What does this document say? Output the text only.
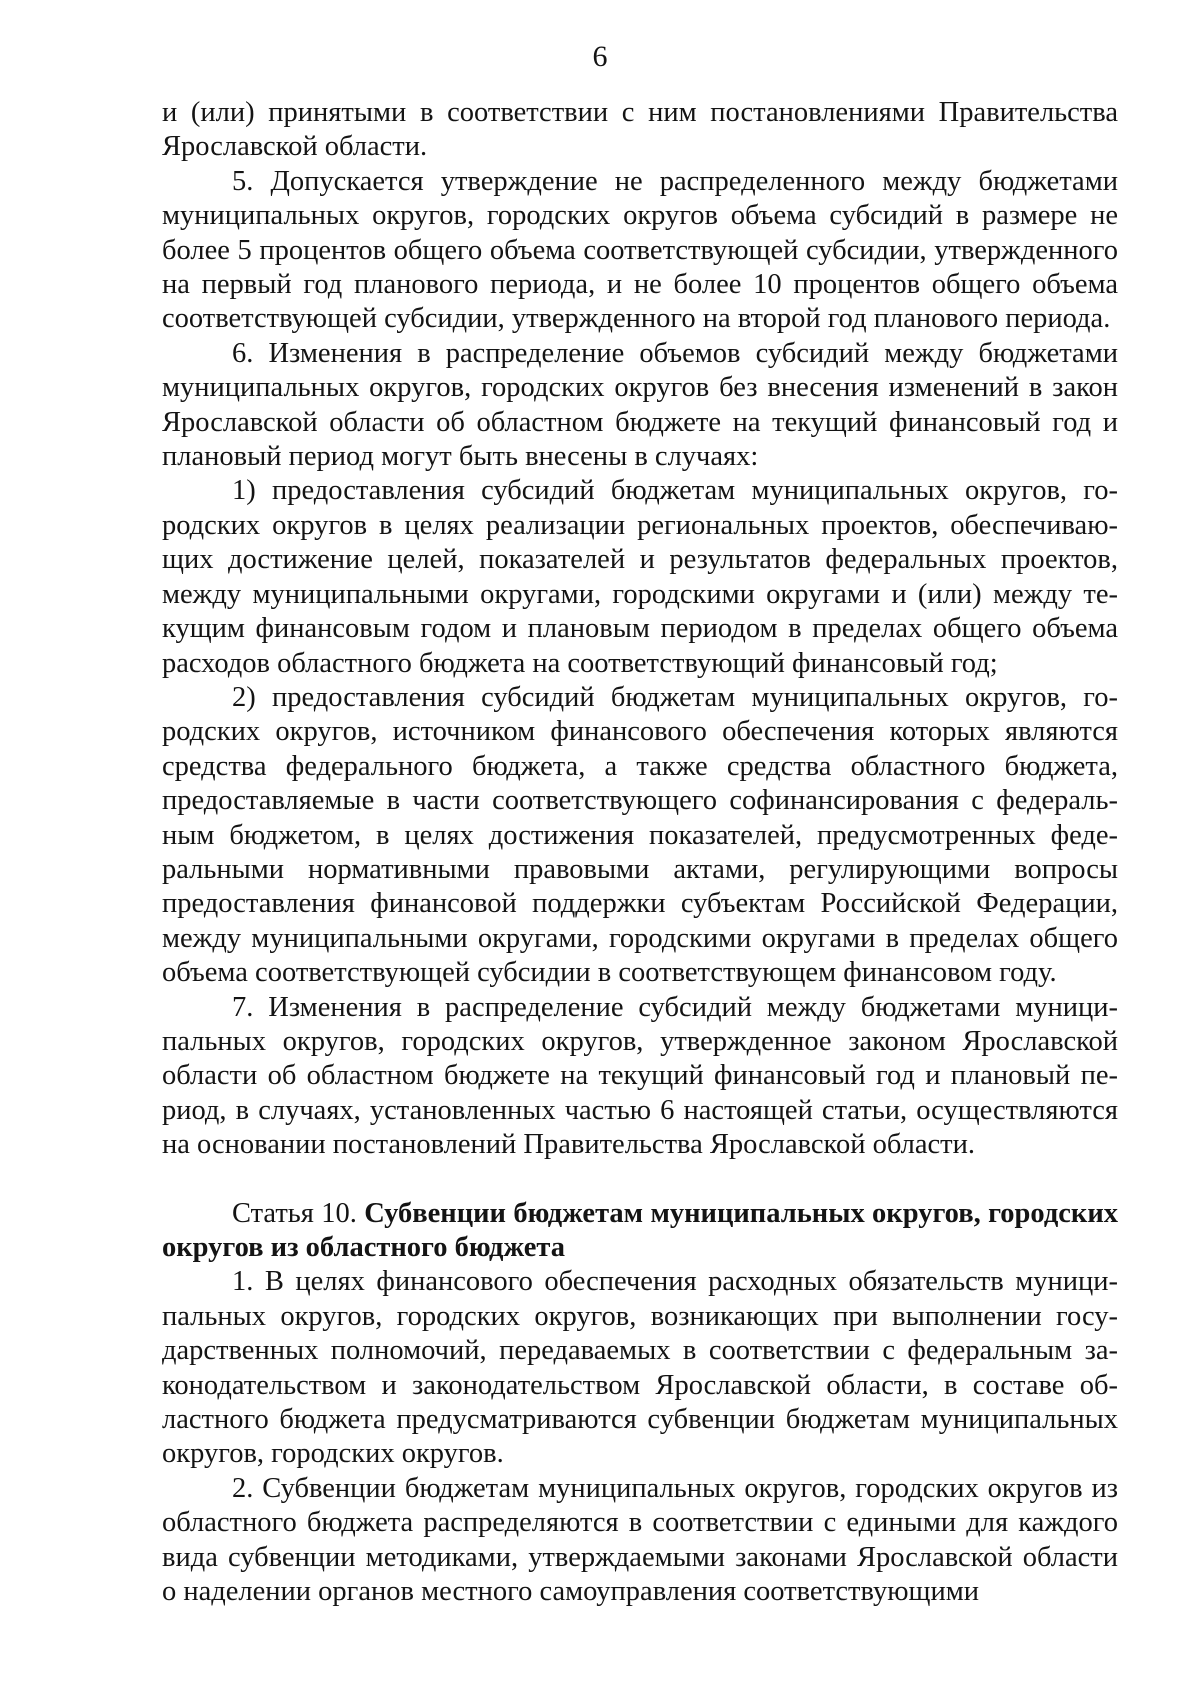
6

и (или) принятыми в соответствии с ним постановлениями Правительства Ярославской области.

5. Допускается утверждение не распределенного между бюджетами муниципальных округов, городских округов объема субсидий в размере не более 5 процентов общего объема соответствующей субсидии, утвержденного на первый год планового периода, и не более 10 процентов общего объема соответствующей субсидии, утвержденного на второй год планового периода.

6. Изменения в распределение объемов субсидий между бюджетами муниципальных округов, городских округов без внесения изменений в закон Ярославской области об областном бюджете на текущий финансовый год и плановый период могут быть внесены в случаях:

1) предоставления субсидий бюджетам муниципальных округов, городских округов в целях реализации региональных проектов, обеспечивающих достижение целей, показателей и результатов федеральных проектов, между муниципальными округами, городскими округами и (или) между текущим финансовым годом и плановым периодом в пределах общего объема расходов областного бюджета на соответствующий финансовый год;

2) предоставления субсидий бюджетам муниципальных округов, городских округов, источником финансового обеспечения которых являются средства федерального бюджета, а также средства областного бюджета, предоставляемые в части соответствующего софинансирования с федеральным бюджетом, в целях достижения показателей, предусмотренных федеральными нормативными правовыми актами, регулирующими вопросы предоставления финансовой поддержки субъектам Российской Федерации, между муниципальными округами, городскими округами в пределах общего объема соответствующей субсидии в соответствующем финансовом году.

7. Изменения в распределение субсидий между бюджетами муниципальных округов, городских округов, утвержденное законом Ярославской области об областном бюджете на текущий финансовый год и плановый период, в случаях, установленных частью 6 настоящей статьи, осуществляются на основании постановлений Правительства Ярославской области.

Статья 10. Субвенции бюджетам муниципальных округов, городских округов из областного бюджета

1. В целях финансового обеспечения расходных обязательств муниципальных округов, городских округов, возникающих при выполнении государственных полномочий, передаваемых в соответствии с федеральным законодательством и законодательством Ярославской области, в составе областного бюджета предусматриваются субвенции бюджетам муниципальных округов, городских округов.

2. Субвенции бюджетам муниципальных округов, городских округов из областного бюджета распределяются в соответствии с едиными для каждого вида субвенции методиками, утверждаемыми законами Ярославской области о наделении органов местного самоуправления соответствующими
